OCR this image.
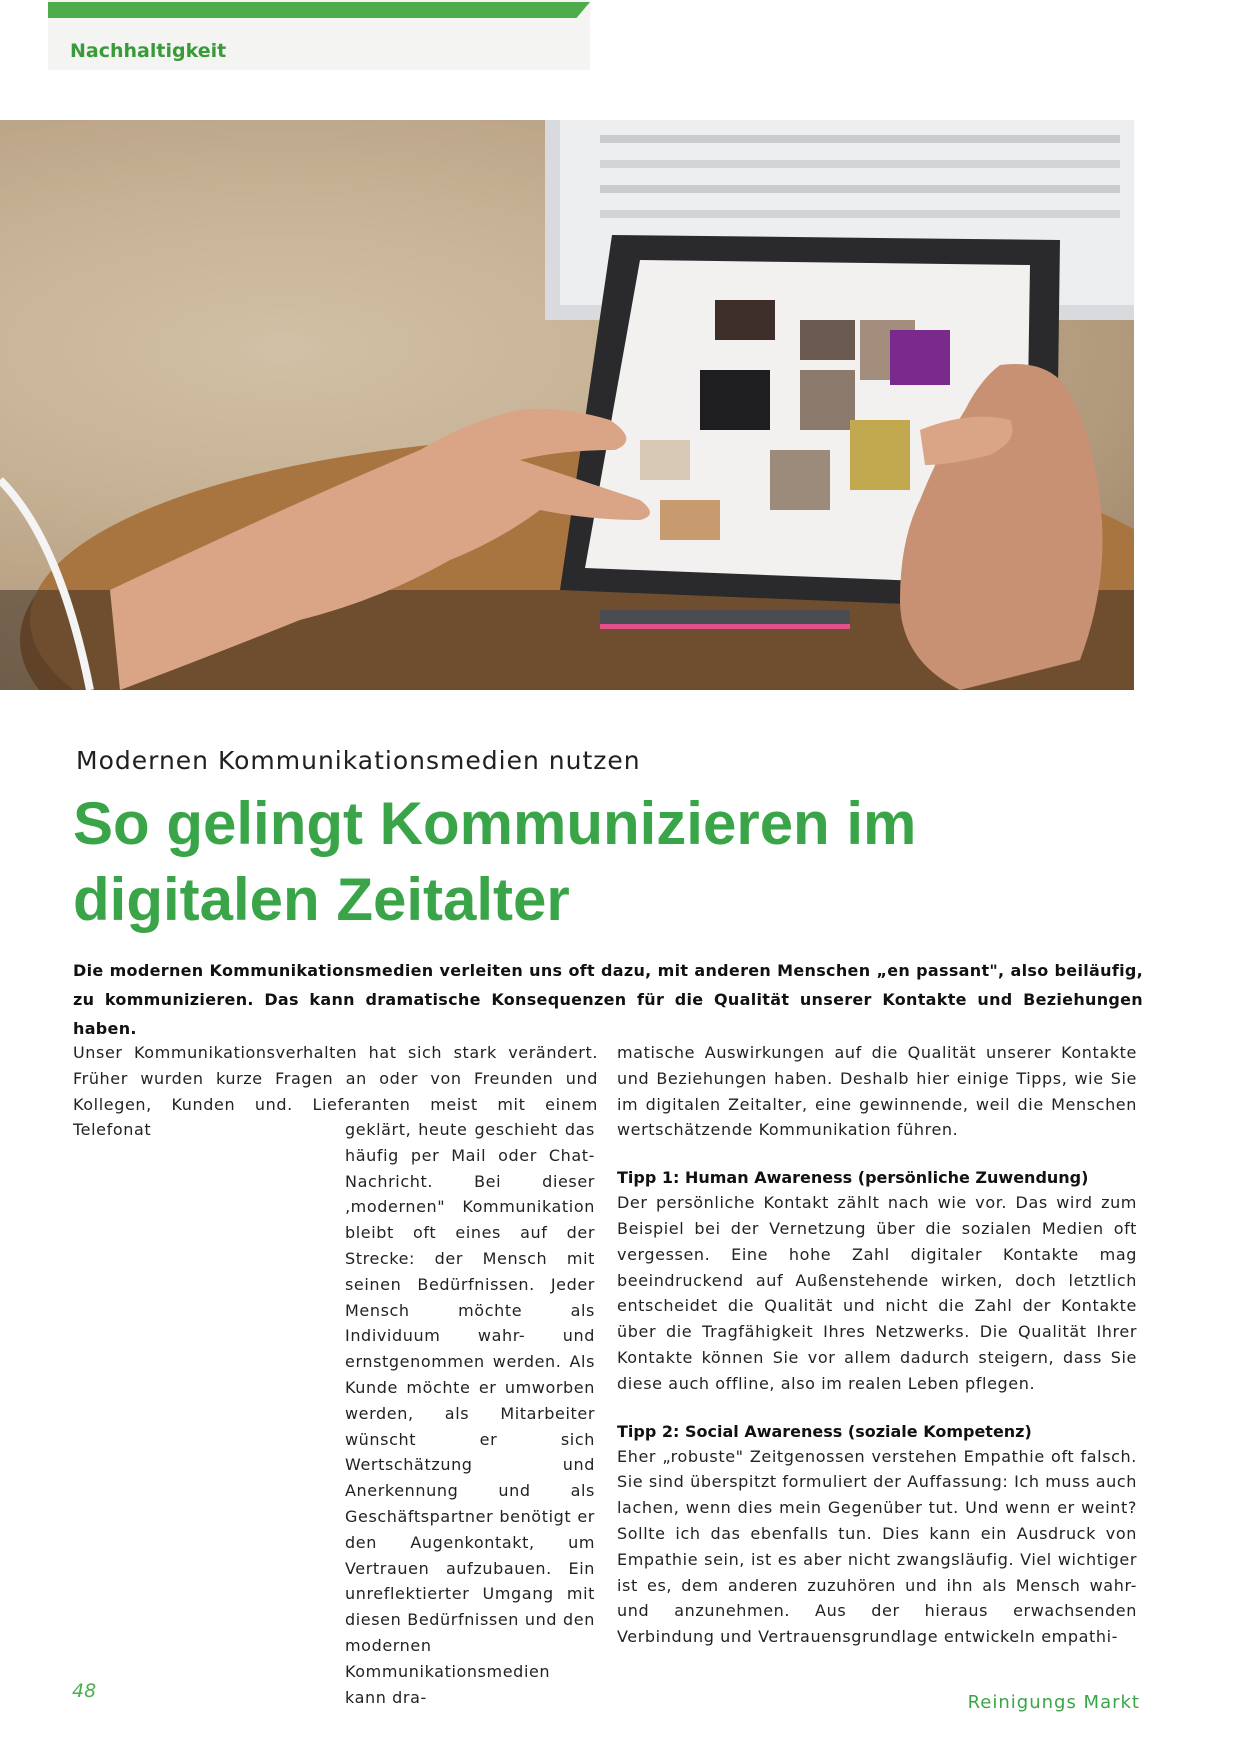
Nachhaltigkeit
Modernen Kommunikationsmedien nutzen
So gelingt Kommunizieren im
digitalen Zeitalter

Die modernen Kommunikationsmedien verleiten uns oft dazu, mit anderen Menschen „en passant", also beiläufig, zu kommunizieren. Das kann dramatische Konsequenzen für die Qualität unserer Kontakte und Beziehungen haben.

Unser Kommunikationsverhalten hat sich stark verändert. Früher wurden kurze Fragen an oder von Freunden und Kollegen, Kunden und. Lieferanten meist mit einem Telefonat	geklärt, heute geschieht das häufig per Mail oder Chat-Nachricht. Bei dieser ‚modernen" Kommunikation bleibt oft eines auf der Strecke: der Mensch mit seinen Bedürfnissen. Jeder Mensch möchte als Individuum wahr- und ernstgenommen werden. Als Kunde möchte er umworben werden, als Mitarbeiter wünscht er sich Wertschätzung und Anerkennung und als Geschäftspartner benötigt er den Augenkontakt, um Vertrauen aufzubauen. Ein unreflektierter Umgang mit diesen Bedürfnissen und den modernen Kommunikationsmedien kann dra-

matische Auswirkungen auf die Qualität unserer Kontakte und Beziehungen haben. Deshalb hier einige Tipps, wie Sie im digitalen Zeitalter, eine gewinnende, weil die Menschen wertschätzende Kommunikation führen.

Tipp 1: Human Awareness (persönliche Zuwendung)

Der persönliche Kontakt zählt nach wie vor. Das wird zum Beispiel bei der Vernetzung über die sozialen Medien oft vergessen. Eine hohe Zahl digitaler Kontakte mag beeindruckend auf Außenstehende wirken, doch letztlich entscheidet die Qualität und nicht die Zahl der Kontakte über die Tragfähigkeit Ihres Netzwerks. Die Qualität Ihrer Kontakte können Sie vor allem dadurch steigern, dass Sie diese auch offline, also im realen Leben pflegen.

Tipp 2: Social Awareness (soziale Kompetenz)

Eher „robuste" Zeitgenossen verstehen Empathie oft falsch. Sie sind überspitzt formuliert der Auffassung: Ich muss auch lachen, wenn dies mein Gegenüber tut. Und wenn er weint? Sollte ich das ebenfalls tun. Dies kann ein Ausdruck von Empathie sein, ist es aber nicht zwangsläufig. Viel wichtiger ist es, dem anderen zuzuhören und ihn als Mensch wahr- und anzunehmen. Aus der hieraus erwachsenden Verbindung und Vertrauensgrundlage entwickeln empathi-

48
Reinigungs Markt
